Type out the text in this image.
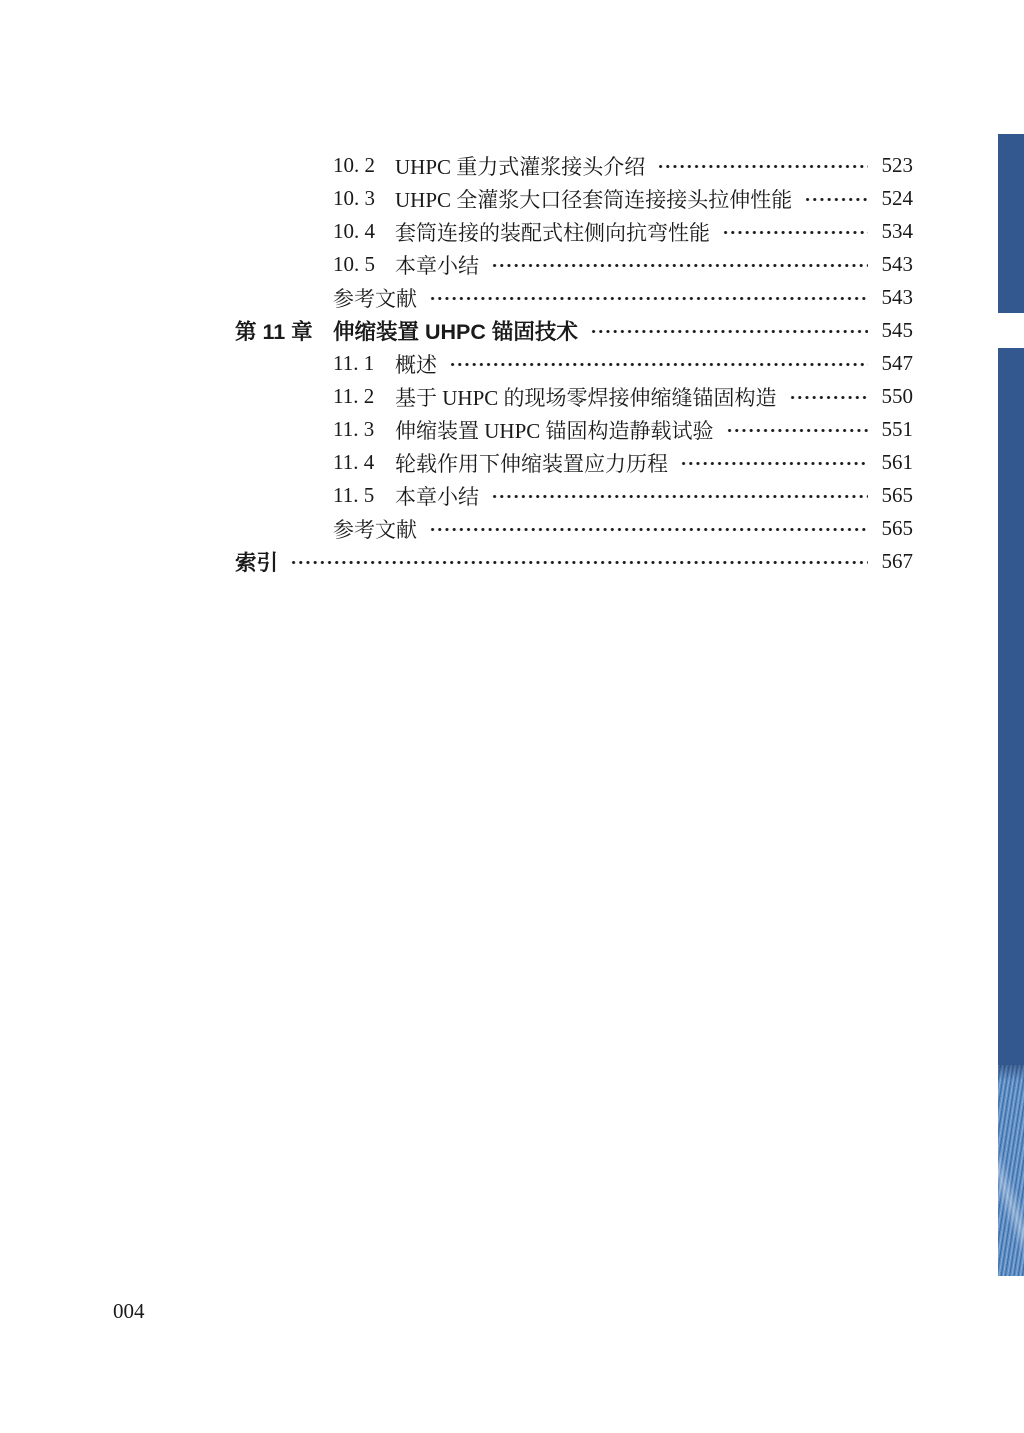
10. 2 UHPC 重力式灌浆接头介绍	523
10. 3 UHPC 全灌浆大口径套筒连接接头拉伸性能	524
10. 4 套筒连接的装配式柱侧向抗弯性能	534
10. 5 本章小结	543
参考文献	543
第 11 章 伸缩装置 UHPC 锚固技术	545
11. 1 概述	547
11. 2 基于 UHPC 的现场零焊接伸缩缝锚固构造	550
11. 3 伸缩装置 UHPC 锚固构造静载试验	551
11. 4 轮载作用下伸缩装置应力历程	561
11. 5 本章小结	565
参考文献	565
索引	567
004
